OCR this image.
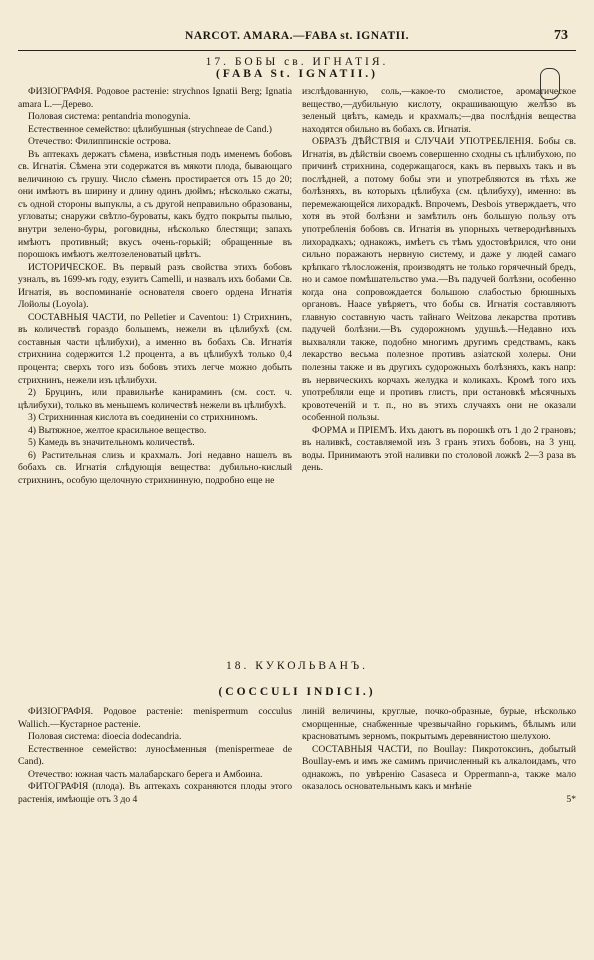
NARCOT. AMARA.—FABA st. IGNATII.	73
17. БОБЫ св. ИГНАТІЯ.
(FABA St. IGNATII.)

ФИЗІОГРАФІЯ. Родовое растеніе: strychnos Ignatii Berg; Ignatia amara L.—Дерево.

Половая система: pentandria monogynia.

Естественное семейство: цѣлибушныя (strychneae de Cand.)

Отечество: Филиппинскіе острова.

Въ аптекахъ держатъ сѣмена, извѣстныя подъ именемъ бобовъ св. Игнатія. Сѣмена эти содержатся въ мякоти плода, бывающаго величиною съ грушу. Число сѣменъ простирается отъ 15 до 20; они имѣютъ въ ширину и длину одинъ дюймъ; нѣсколько сжаты, съ одной стороны выпуклы, а съ другой неправильно образованы, угловаты; снаружи свѣтло-буроваты, какъ будто покрыты пылью, внутри зелено-буры, роговидны, нѣсколько блестящи; запахъ имѣютъ противный; вкусъ очень-горькій; обращенные въ порошокъ имѣютъ желтозеленоватый цвѣтъ.

ИСТОРИЧЕСКОЕ. Въ первый разъ свойства этихъ бобовъ узналъ, въ 1699-мъ году, езуитъ Camelli, и назвалъ ихъ бобами Св. Игнатія, въ воспоминаніе основателя своего ордена Игнатія Лойолы (Loyola).

СОСТАВНЫЯ ЧАСТИ, по Pelletier и Caventou: 1) Стрихнинъ, въ количествѣ гораздо большемъ, нежели въ цѣлибухѣ (см. составныя части цѣлибухи), а именно въ бобахъ Св. Игнатія стрихнина содержится 1.2 процента, а въ цѣлибухѣ только 0,4 процента; сверхъ того изъ бобовъ этихъ легче можно добыть стрихнинъ, нежели изъ цѣлибухи.

2) Бруцинъ, или правильнѣе канираминъ (см. сост. ч. цѣлибухи), только въ меньшемъ количествѣ нежели въ цѣлибухѣ.

3) Стрихнинная кислота въ соединеніи со стрихниномъ.

4) Вытяжное, желтое красильное вещество.

5) Камедь въ значительномъ количествѣ.

6) Растительная слизь и крахмалъ. Jori недавно нашелъ въ бобахъ св. Игнатія слѣдующія вещества: дубильно-кислый стрихнинъ, особую щелочную стрихнинную, подробно еще не

изслѣдованную, соль,—какое-то смолистое, ароматическое вещество,—дубильную кислоту, окрашивающую желѣзо въ зеленый цвѣтъ, камедь и крахмалъ;—два послѣднія вещества находятся обильно въ бобахъ св. Игнатія.

ОБРАЗЪ ДѢЙСТВІЯ и СЛУЧАИ УПОТРЕБЛЕНІЯ. Бобы св. Игнатія, въ дѣйствіи своемъ совершенно сходны съ цѣлибухою, по причинѣ стрихнина, содержащагося, какъ въ первыхъ такъ и въ послѣдней, а потому бобы эти и употребляются въ тѣхъ же болѣзняхъ, въ которыхъ цѣлибуха (см. цѣлибуху), именно: въ перемежающейся лихорадкѣ. Впрочемъ, Desbois утверждаетъ, что хотя въ этой болѣзни и замѣтилъ онъ большую пользу отъ употребленія бобовъ св. Игнатія въ упорныхъ четвероднѣвныхъ лихорадкахъ; однакожъ, имѣетъ съ тѣмъ удостовѣрился, что они сильно поражаютъ нервную систему, и даже у людей самаго крѣпкаго тѣлосложенія, производятъ не только горячечный бредъ, но и самое помѣшательство ума.—Въ падучей болѣзни, особенно когда она сопровождается большою слабостью брюшныхъ органовъ. Наасе увѣряетъ, что бобы св. Игнатія составляютъ главную составную часть тайнаго Weitzова лекарства противъ падучей болѣзни.—Въ судорожномъ удушьѣ.—Недавно ихъ выхваляли также, подобно многимъ другимъ средствамъ, какъ лекарство весьма полезное противъ азіатской холеры. Они полезны также и въ другихъ судорожныхъ болѣзняхъ, какъ напр: въ нервическихъ корчахъ желудка и коликахъ. Кромѣ того ихъ употребляли еще и противъ глистъ, при остановкѣ мѣсячныхъ кровотеченій и т. п., но въ этихъ случаяхъ они не оказали особенной пользы.

ФОРМА и ПРІЕМЪ. Ихъ даютъ въ порошкѣ отъ 1 до 2 грановъ; въ наливкѣ, составляемой изъ 3 гранъ этихъ бобовъ, на 3 унц. воды. Принимаютъ этой наливки по столовой ложкѣ 2—3 раза въ день.

18. КУКОЛЬВАНЪ.
(COCCULI INDICI.)

ФИЗІОГРАФІЯ. Родовое растеніе: menispermum cocculus Wallich.—Кустарное растеніе.

Половая система: dioecia dodecandria.

Естественное семейство: луносѣменныя (menispermeae de Cand).

Отечество: южная часть малабарскаго берега и Амбоина.

ФИТОГРАФІЯ (плода). Въ аптекахъ сохраняются плоды этого растенія, имѣющіе отъ 3 до 4

линій величины, круглые, почко-образные, бурые, нѣсколько сморщенные, снабженные чрезвычайно горькимъ, бѣлымъ или красноватымъ зерномъ, покрытымъ деревянистою шелухою.

СОСТАВНЫЯ ЧАСТИ, по Boullay: Пикротоксинъ, добытый Boullay-емъ и имъ же самимъ причисленный къ алкалоидамъ, что однакожъ, по увѣренію Casaseca и Oppermann-а, также мало оказалось основательнымъ какъ и мнѣніе

5*
